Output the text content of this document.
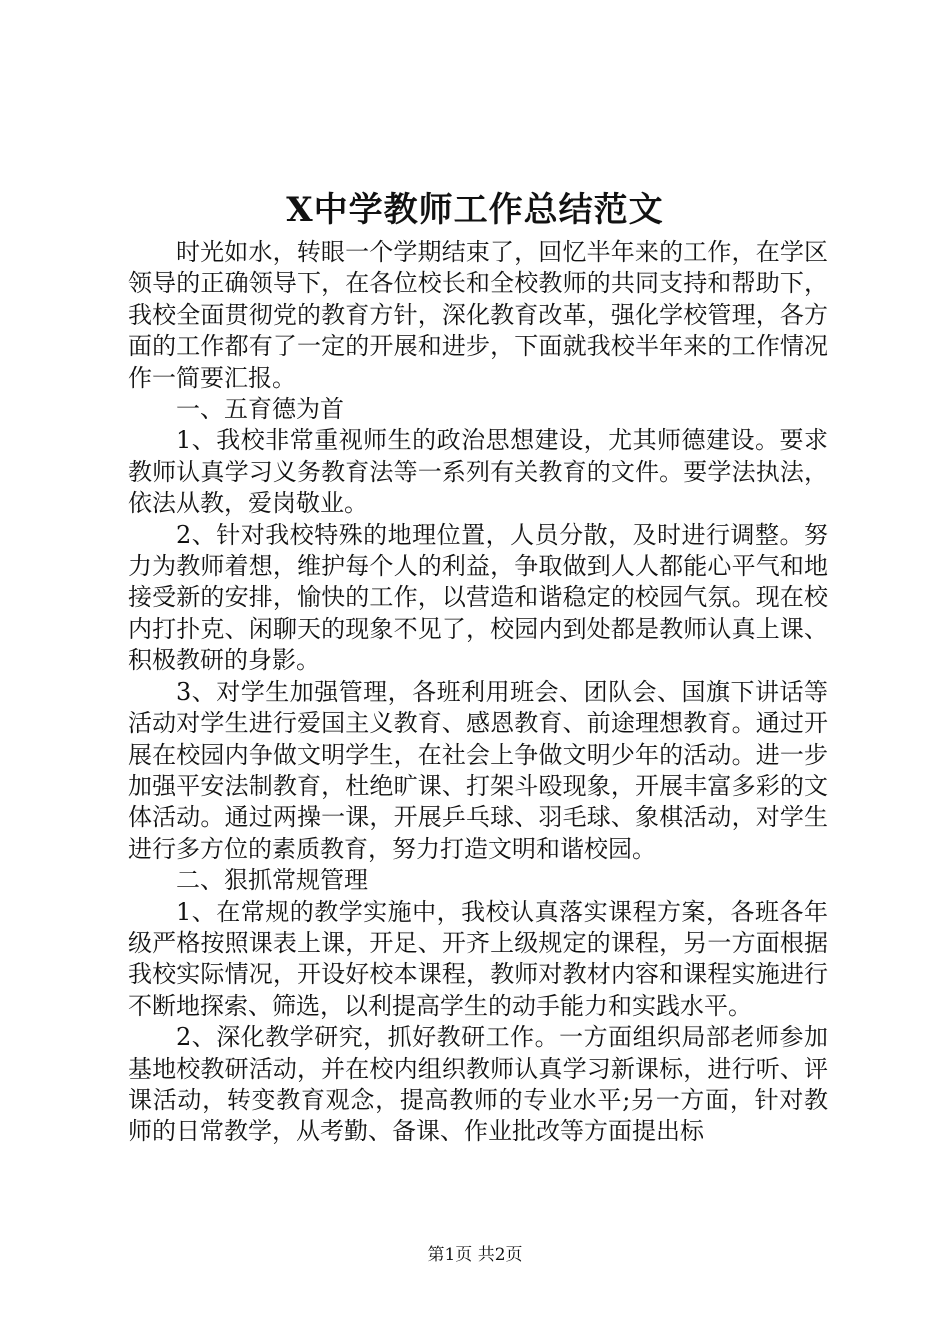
X中学教师工作总结范文

时光如水，转眼一个学期结束了，回忆半年来的工作，在学区领导的正确领导下，在各位校长和全校教师的共同支持和帮助下，我校全面贯彻党的教育方针，深化教育改革，强化学校管理，各方面的工作都有了一定的开展和进步，下面就我校半年来的工作情况作一简要汇报。

一、五育德为首

1、我校非常重视师生的政治思想建设，尤其师德建设。要求教师认真学习义务教育法等一系列有关教育的文件。要学法执法，依法从教，爱岗敬业。

2、针对我校特殊的地理位置，人员分散，及时进行调整。努力为教师着想，维护每个人的利益，争取做到人人都能心平气和地接受新的安排，愉快的工作，以营造和谐稳定的校园气氛。现在校内打扑克、闲聊天的现象不见了，校园内到处都是教师认真上课、积极教研的身影。

3、对学生加强管理，各班利用班会、团队会、国旗下讲话等活动对学生进行爱国主义教育、感恩教育、前途理想教育。通过开展在校园内争做文明学生，在社会上争做文明少年的活动。进一步加强平安法制教育，杜绝旷课、打架斗殴现象，开展丰富多彩的文体活动。通过两操一课，开展乒乓球、羽毛球、象棋活动，对学生进行多方位的素质教育，努力打造文明和谐校园。

二、狠抓常规管理

1、在常规的教学实施中，我校认真落实课程方案，各班各年级严格按照课表上课，开足、开齐上级规定的课程，另一方面根据我校实际情况，开设好校本课程，教师对教材内容和课程实施进行不断地探索、筛选，以利提高学生的动手能力和实践水平。

2、深化教学研究，抓好教研工作。一方面组织局部老师参加基地校教研活动，并在校内组织教师认真学习新课标，进行听、评课活动，转变教育观念，提高教师的专业水平;另一方面，针对教师的日常教学，从考勤、备课、作业批改等方面提出标

第1页 共2页
